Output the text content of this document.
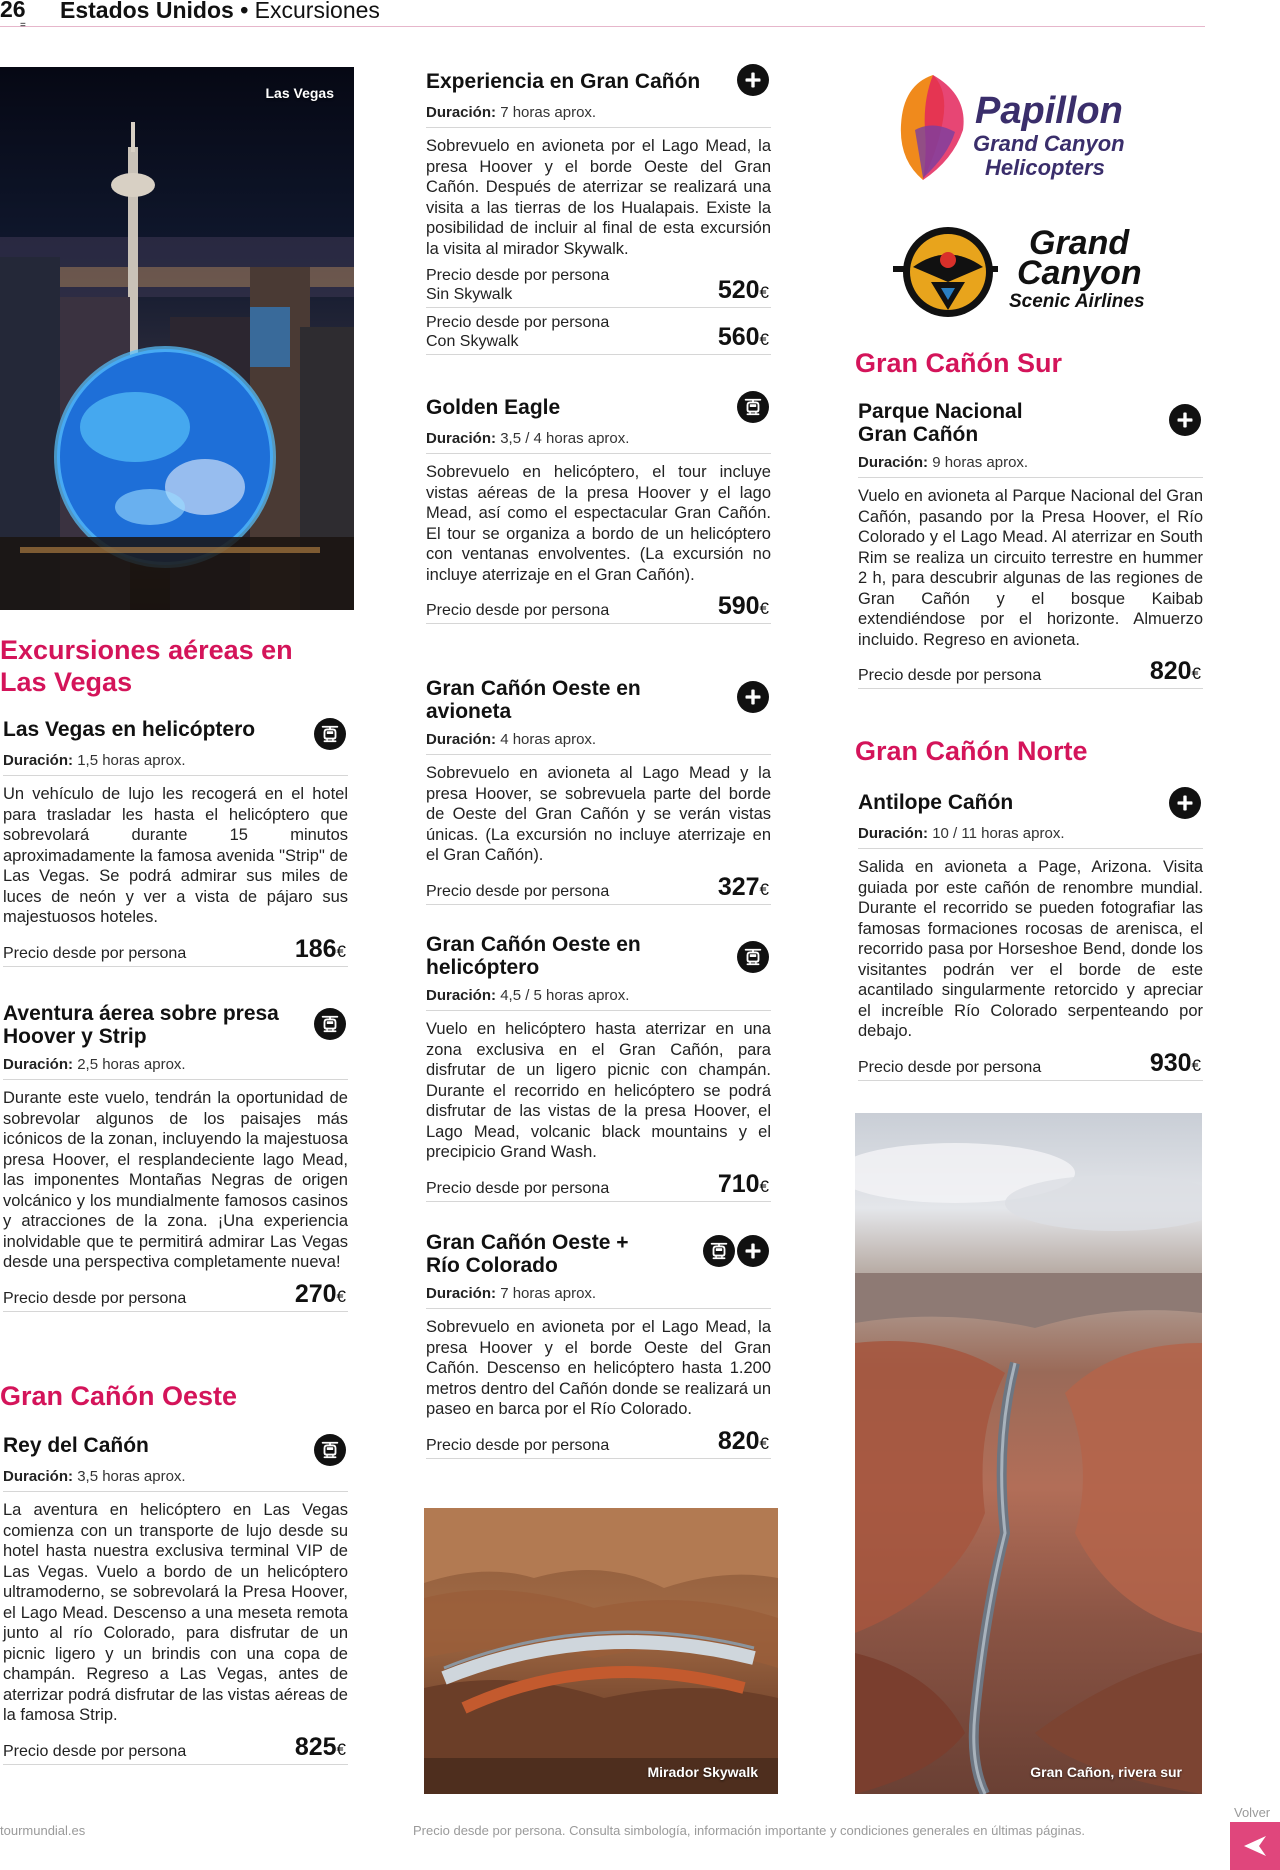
26
=
Estados Unidos • Excursiones
Las Vegas
Excursiones aéreas en Las Vegas
Las Vegas en helicóptero
Duración: 1,5 horas aprox.
Un vehículo de lujo les recogerá en el hotel para trasladar les hasta el helicóptero que sobrevolará durante 15 minutos aproximadamente la famosa avenida "Strip" de Las Vegas. Se podrá admirar sus miles de luces de neón y ver a vista de pájaro sus majestuosos hoteles.
Precio desde por persona	186€
Aventura áerea sobre presa Hoover y Strip
Duración: 2,5 horas aprox.
Durante este vuelo, tendrán la oportunidad de sobrevolar algunos de los paisajes más icónicos de la zonan, incluyendo la majestuosa presa Hoover, el resplandeciente lago Mead, las imponentes Montañas Negras de origen volcánico y los mundialmente famosos casinos y atracciones de la zona. ¡Una experiencia inolvidable que te permitirá admirar Las Vegas desde una perspectiva completamente nueva!
Precio desde por persona	270€
Gran Cañón Oeste
Rey del Cañón
Duración: 3,5 horas aprox.
La aventura en helicóptero en Las Vegas comienza con un transporte de lujo desde su hotel hasta nuestra exclusiva terminal VIP de Las Vegas. Vuelo a bordo de un helicóptero ultramoderno, se sobrevolará la Presa Hoover, el Lago Mead. Descenso a una meseta remota junto al río Colorado, para disfrutar de un picnic ligero y un brindis con una copa de champán. Regreso a Las Vegas, antes de aterrizar podrá disfrutar de las vistas aéreas de la famosa Strip.
Precio desde por persona	825€
Experiencia en Gran Cañón
Duración: 7 horas aprox.
Sobrevuelo en avioneta por el Lago Mead, la presa Hoover y el borde Oeste del Gran Cañón. Después de aterrizar se realizará una visita a las tierras de los Hualapais. Existe la posibilidad de incluir al final de esta excursión la visita al mirador Skywalk.
Precio desde por persona
Sin Skywalk	520€
Precio desde por persona
Con Skywalk	560€
Golden Eagle
Duración: 3,5 / 4 horas aprox.
Sobrevuelo en helicóptero, el tour incluye vistas aéreas de la presa Hoover y el lago Mead, así como el espectacular Gran Cañón. El tour se organiza a bordo de un helicóptero con ventanas envolventes. (La excursión no incluye aterrizaje en el Gran Cañón).
Precio desde por persona	590€
Gran Cañón Oeste en avioneta
Duración: 4 horas aprox.
Sobrevuelo en avioneta al Lago Mead y la presa Hoover, se sobrevuela parte del borde de Oeste del Gran Cañón y se verán vistas únicas. (La excursión no incluye aterrizaje en el Gran Cañón).
Precio desde por persona	327€
Gran Cañón Oeste en helicóptero
Duración: 4,5 / 5 horas aprox.
Vuelo en helicóptero hasta aterrizar en una zona exclusiva en el Gran Cañón, para disfrutar de un ligero picnic con champán. Durante el recorrido en helicóptero se podrá disfrutar de las vistas de la presa Hoover, el Lago Mead, volcanic black mountains y el precipicio Grand Wash.
Precio desde por persona	710€
Gran Cañón Oeste + Río Colorado
Duración: 7 horas aprox.
Sobrevuelo en avioneta por el Lago Mead, la presa Hoover y el borde Oeste del Gran Cañón. Descenso en helicóptero hasta 1.200 metros dentro del Cañón donde se realizará un paseo en barca por el Río Colorado.
Precio desde por persona	820€
Mirador Skywalk
Papillon
Grand Canyon
Helicopters
Grand
Canyon
Scenic Airlines
Gran Cañón Sur
Parque Nacional Gran Cañón
Duración: 9 horas aprox.
Vuelo en avioneta al Parque Nacional del Gran Cañón, pasando por la Presa Hoover, el Río Colorado y el Lago Mead. Al aterrizar en South Rim se realiza un circuito terrestre en hummer 2 h, para descubrir algunas de las regiones de Gran Cañón y el bosque Kaibab extendiéndose por el horizonte. Almuerzo incluido. Regreso en avioneta.
Precio desde por persona	820€
Gran Cañón Norte
Antilope Cañón
Duración: 10 / 11 horas aprox.
Salida en avioneta a Page, Arizona. Visita guiada por este cañón de renombre mundial. Durante el recorrido se pueden fotografiar las famosas formaciones rocosas de arenisca, el recorrido pasa por Horseshoe Bend, donde los visitantes podrán ver el borde de este acantilado singularmente retorcido y apreciar el increíble Río Colorado serpenteando por debajo.
Precio desde por persona	930€
Gran Cañon, rivera sur
tourmundial.es	Precio desde por persona. Consulta simbología, información importante y condiciones generales en últimas páginas.
Volver
